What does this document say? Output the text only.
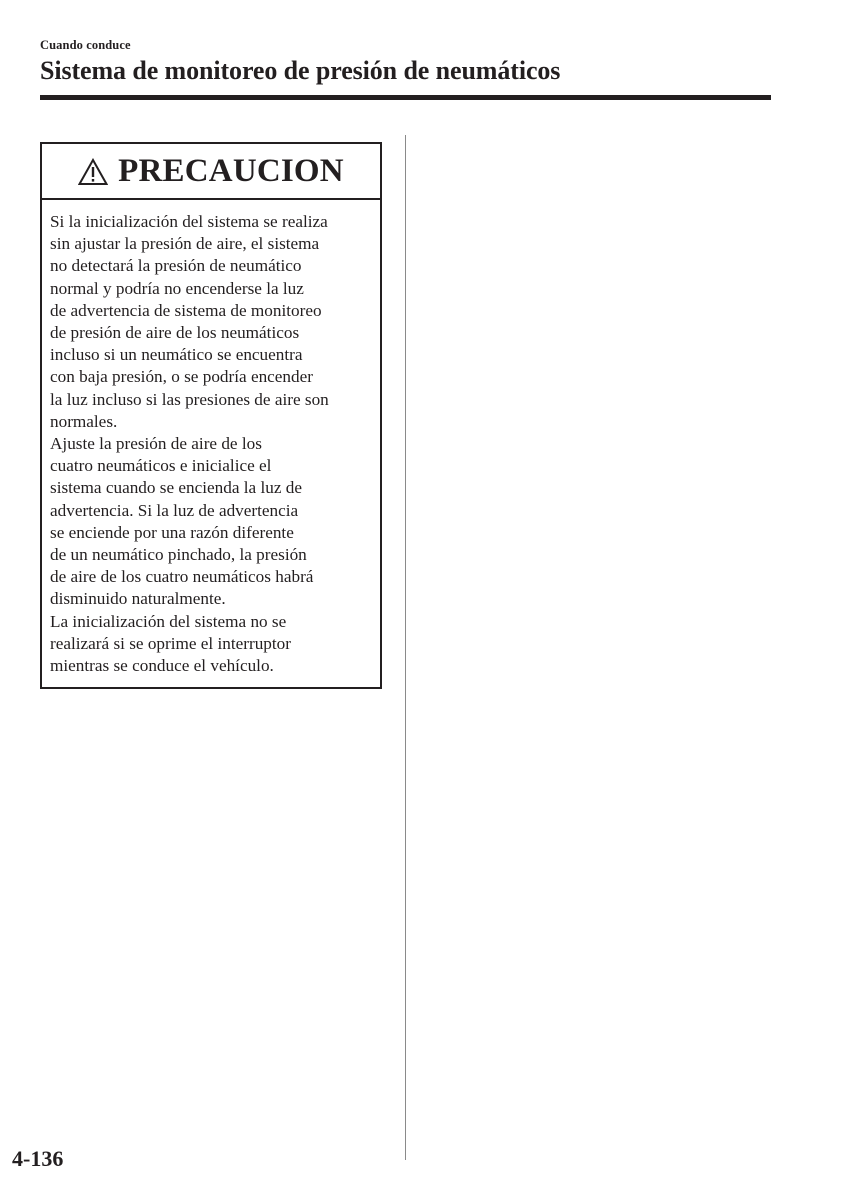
Cuando conduce
Sistema de monitoreo de presión de neumáticos
PRECAUCION
Si la inicialización del sistema se realiza
sin ajustar la presión de aire, el sistema
no detectará la presión de neumático
normal y podría no encenderse la luz
de advertencia de sistema de monitoreo
de presión de aire de los neumáticos
incluso si un neumático se encuentra
con baja presión, o se podría encender
la luz incluso si las presiones de aire son
normales.
Ajuste la presión de aire de los
cuatro neumáticos e inicialice el
sistema cuando se encienda la luz de
advertencia. Si la luz de advertencia
se enciende por una razón diferente
de un neumático pinchado, la presión
de aire de los cuatro neumáticos habrá
disminuido naturalmente.
La inicialización del sistema no se
realizará si se oprime el interruptor
mientras se conduce el vehículo.
4-136
